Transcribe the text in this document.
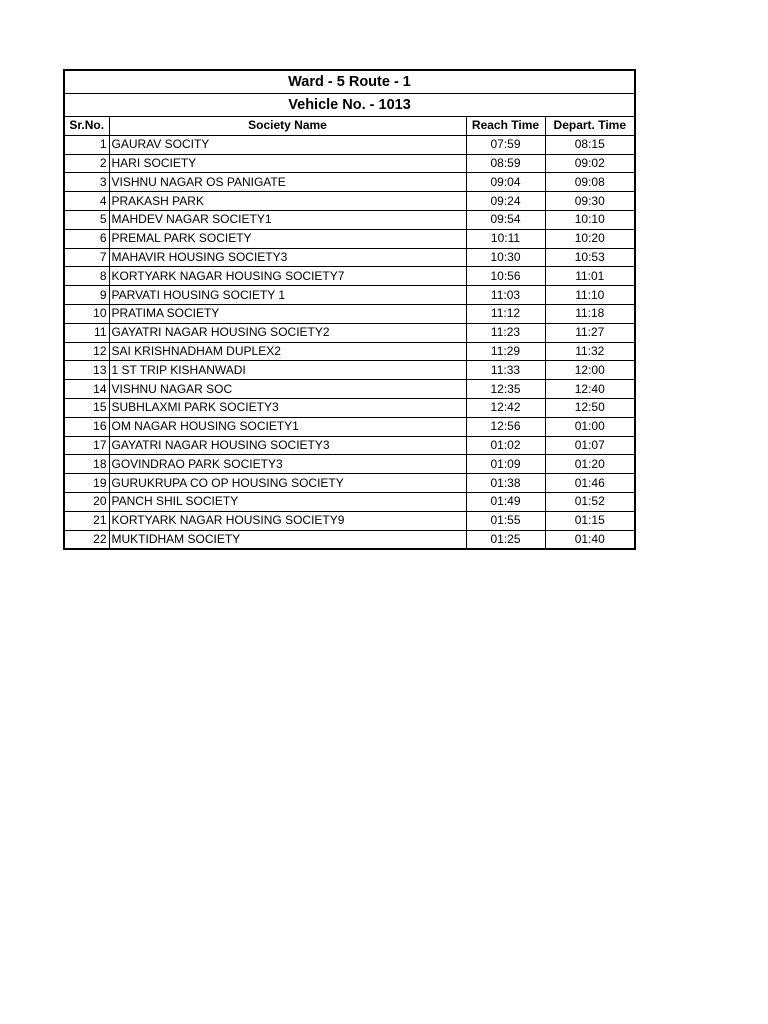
Ward - 5 Route - 1			
Vehicle No. - 1013			
Sr.No.	Society Name	Reach Time	Depart. Time
1	GAURAV SOCITY	07:59	08:15
2	HARI SOCIETY	08:59	09:02
3	VISHNU NAGAR OS PANIGATE	09:04	09:08
4	PRAKASH PARK	09:24	09:30
5	MAHDEV NAGAR SOCIETY1	09:54	10:10
6	PREMAL PARK SOCIETY	10:11	10:20
7	MAHAVIR HOUSING SOCIETY3	10:30	10:53
8	KORTYARK NAGAR HOUSING SOCIETY7	10:56	11:01
9	PARVATI HOUSING SOCIETY 1	11:03	11:10
10	PRATIMA SOCIETY	11:12	11:18
11	GAYATRI NAGAR HOUSING SOCIETY2	11:23	11:27
12	SAI KRISHNADHAM DUPLEX2	11:29	11:32
13	1 ST TRIP KISHANWADI	11:33	12:00
14	VISHNU NAGAR SOC	12:35	12:40
15	SUBHLAXMI PARK SOCIETY3	12:42	12:50
16	OM NAGAR HOUSING SOCIETY1	12:56	01:00
17	GAYATRI NAGAR HOUSING SOCIETY3	01:02	01:07
18	GOVINDRAO PARK SOCIETY3	01:09	01:20
19	GURUKRUPA CO OP HOUSING SOCIETY	01:38	01:46
20	PANCH SHIL SOCIETY	01:49	01:52
21	KORTYARK NAGAR HOUSING SOCIETY9	01:55	01:15
22	MUKTIDHAM SOCIETY	01:25	01:40
